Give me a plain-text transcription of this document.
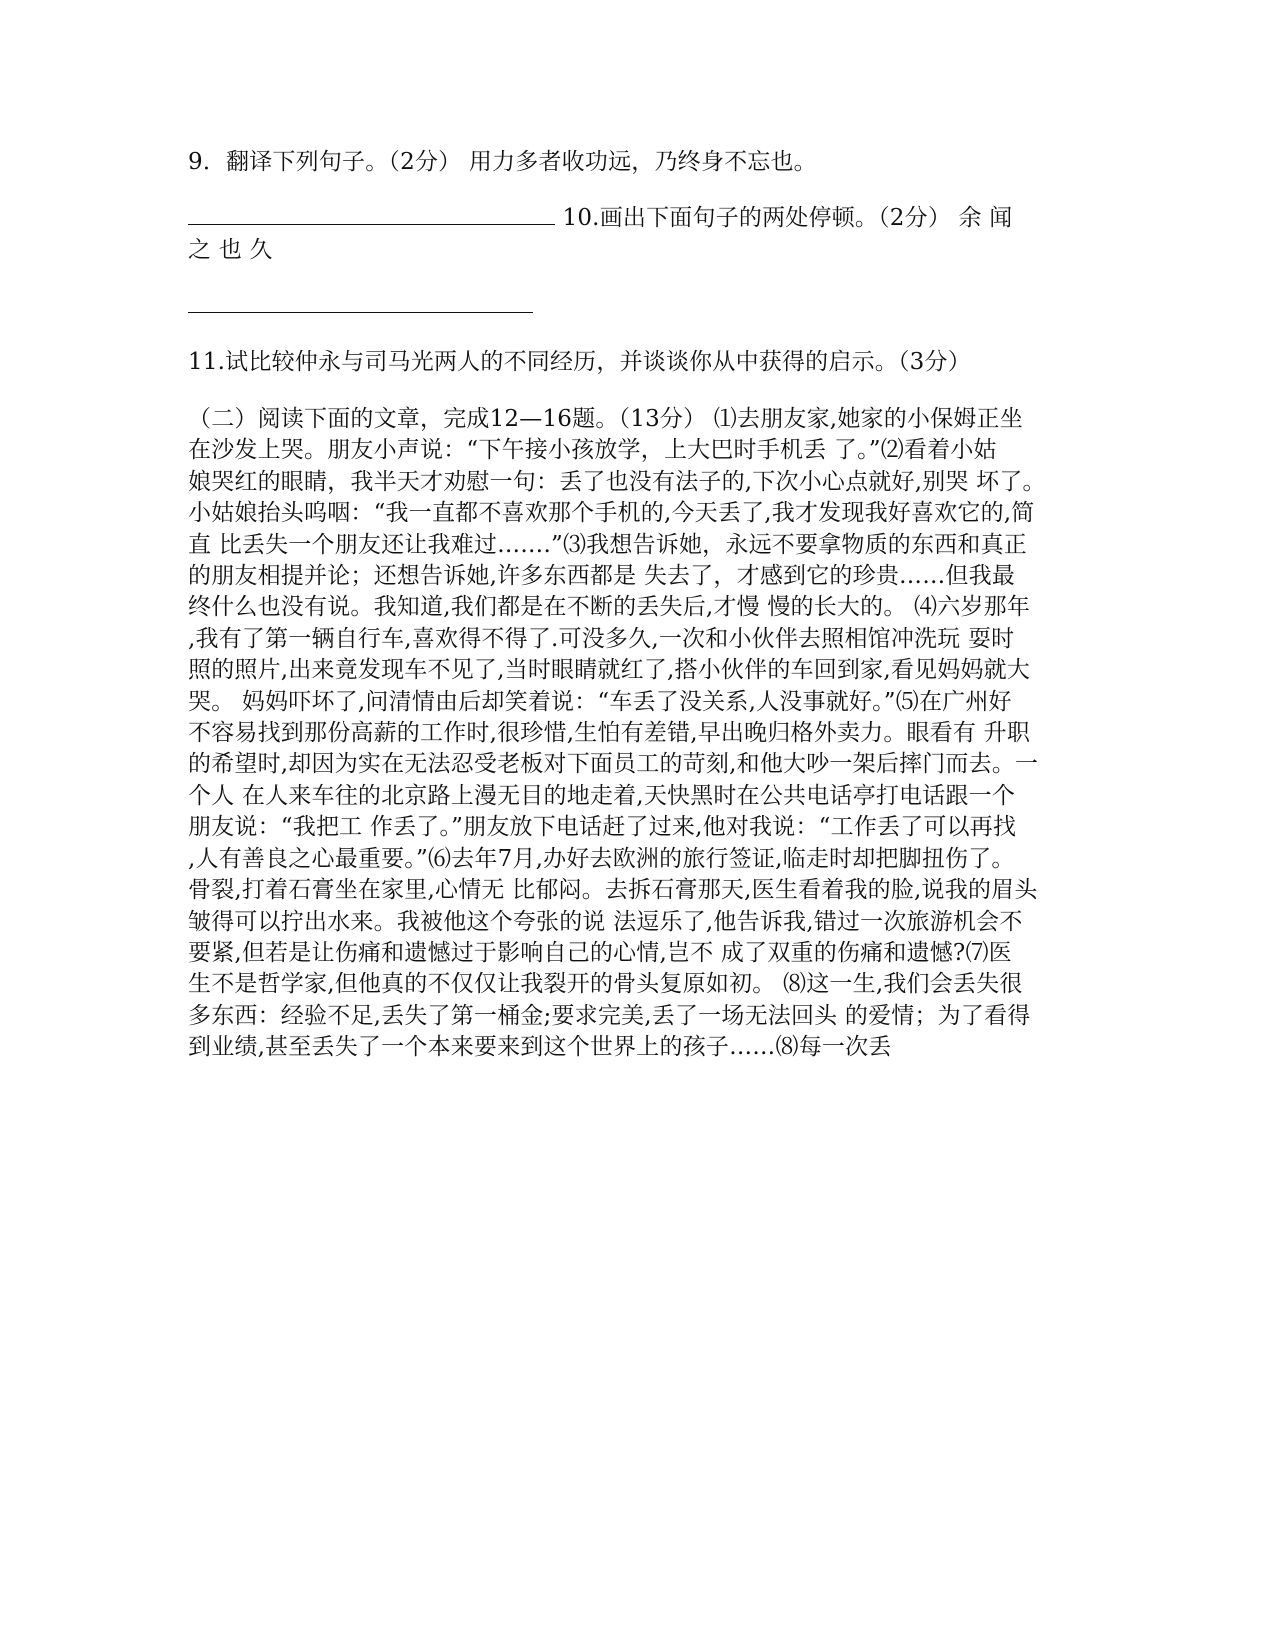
9．翻译下列句子。（2分） 用力多者收功远，乃终身不忘也。
10.画出下面句子的两处停顿。（2分） 余 闻
之 也 久
11.试比较仲永与司马光两人的不同经历，并谈谈你从中获得的启示。（3分）
（二）阅读下面的文章，完成12—16题。（13分） ⑴去朋友家,她家的小保姆正坐
在沙发上哭。朋友小声说：“下午接小孩放学，上大巴时手机丢 了。”⑵看着小姑
娘哭红的眼睛，我半天才劝慰一句：丢了也没有法子的,下次小心点就好,别哭 坏了。
小姑娘抬头呜咽：“我一直都不喜欢那个手机的,今天丢了,我才发现我好喜欢它的,简
直 比丢失一个朋友还让我难过…….”⑶我想告诉她，永远不要拿物质的东西和真正
的朋友相提并论；还想告诉她,许多东西都是 失去了，才感到它的珍贵……但我最
终什么也没有说。我知道,我们都是在不断的丢失后,才慢 慢的长大的。 ⑷六岁那年
,我有了第一辆自行车,喜欢得不得了.可没多久,一次和小伙伴去照相馆冲洗玩 耍时
照的照片,出来竟发现车不见了,当时眼睛就红了,搭小伙伴的车回到家,看见妈妈就大
哭。 妈妈吓坏了,问清情由后却笑着说：“车丢了没关系,人没事就好。”⑸在广州好
不容易找到那份高薪的工作时,很珍惜,生怕有差错,早出晚归格外卖力。眼看有 升职
的希望时,却因为实在无法忍受老板对下面员工的苛刻,和他大吵一架后摔门而去。一
个人 在人来车往的北京路上漫无目的地走着,天快黑时在公共电话亭打电话跟一个
朋友说：“我把工 作丢了。”朋友放下电话赶了过来,他对我说：“工作丢了可以再找
,人有善良之心最重要。”⑹去年7月,办好去欧洲的旅行签证,临走时却把脚扭伤了。
骨裂,打着石膏坐在家里,心情无 比郁闷。去拆石膏那天,医生看着我的脸,说我的眉头
皱得可以拧出水来。我被他这个夸张的说 法逗乐了,他告诉我,错过一次旅游机会不
要紧,但若是让伤痛和遗憾过于影响自己的心情,岂不 成了双重的伤痛和遗憾?⑺医
生不是哲学家,但他真的不仅仅让我裂开的骨头复原如初。 ⑻这一生,我们会丢失很
多东西：经验不足,丢失了第一桶金;要求完美,丢了一场无法回头 的爱情；为了看得
到业绩,甚至丢失了一个本来要来到这个世界上的孩子……⑻每一次丢
